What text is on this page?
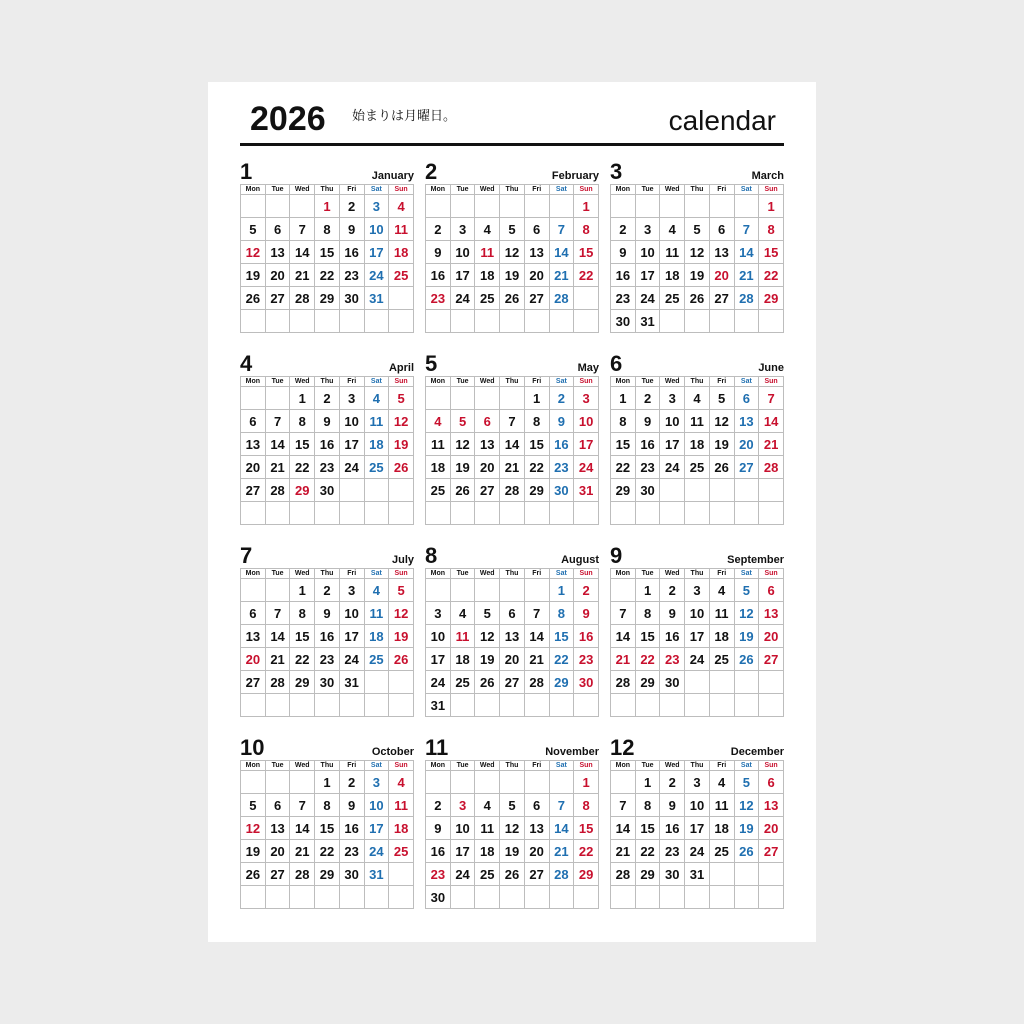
2026 始まりは月曜日。	calendar
1	January
Mon	Tue	Wed	Thu	Fri	Sat	Sun
			1	2	3	4
5	6	7	8	9	10	11
12	13	14	15	16	17	18
19	20	21	22	23	24	25
26	27	28	29	30	31	

2	February
Mon	Tue	Wed	Thu	Fri	Sat	Sun
						1
2	3	4	5	6	7	8
9	10	11	12	13	14	15
16	17	18	19	20	21	22
23	24	25	26	27	28	

3	March
Mon	Tue	Wed	Thu	Fri	Sat	Sun
						1
2	3	4	5	6	7	8
9	10	11	12	13	14	15
16	17	18	19	20	21	22
23	24	25	26	27	28	29
30	31					
4	April
Mon	Tue	Wed	Thu	Fri	Sat	Sun
		1	2	3	4	5
6	7	8	9	10	11	12
13	14	15	16	17	18	19
20	21	22	23	24	25	26
27	28	29	30			

5	May
Mon	Tue	Wed	Thu	Fri	Sat	Sun
				1	2	3
4	5	6	7	8	9	10
11	12	13	14	15	16	17
18	19	20	21	22	23	24
25	26	27	28	29	30	31

6	June
Mon	Tue	Wed	Thu	Fri	Sat	Sun
1	2	3	4	5	6	7
8	9	10	11	12	13	14
15	16	17	18	19	20	21
22	23	24	25	26	27	28
29	30					

7	July
Mon	Tue	Wed	Thu	Fri	Sat	Sun
		1	2	3	4	5
6	7	8	9	10	11	12
13	14	15	16	17	18	19
20	21	22	23	24	25	26
27	28	29	30	31		

8	August
Mon	Tue	Wed	Thu	Fri	Sat	Sun
					1	2
3	4	5	6	7	8	9
10	11	12	13	14	15	16
17	18	19	20	21	22	23
24	25	26	27	28	29	30
31						
9	September
Mon	Tue	Wed	Thu	Fri	Sat	Sun
	1	2	3	4	5	6
7	8	9	10	11	12	13
14	15	16	17	18	19	20
21	22	23	24	25	26	27
28	29	30				

10	October
Mon	Tue	Wed	Thu	Fri	Sat	Sun
			1	2	3	4
5	6	7	8	9	10	11
12	13	14	15	16	17	18
19	20	21	22	23	24	25
26	27	28	29	30	31	

11	November
Mon	Tue	Wed	Thu	Fri	Sat	Sun
						1
2	3	4	5	6	7	8
9	10	11	12	13	14	15
16	17	18	19	20	21	22
23	24	25	26	27	28	29
30						
12	December
Mon	Tue	Wed	Thu	Fri	Sat	Sun
	1	2	3	4	5	6
7	8	9	10	11	12	13
14	15	16	17	18	19	20
21	22	23	24	25	26	27
28	29	30	31			
